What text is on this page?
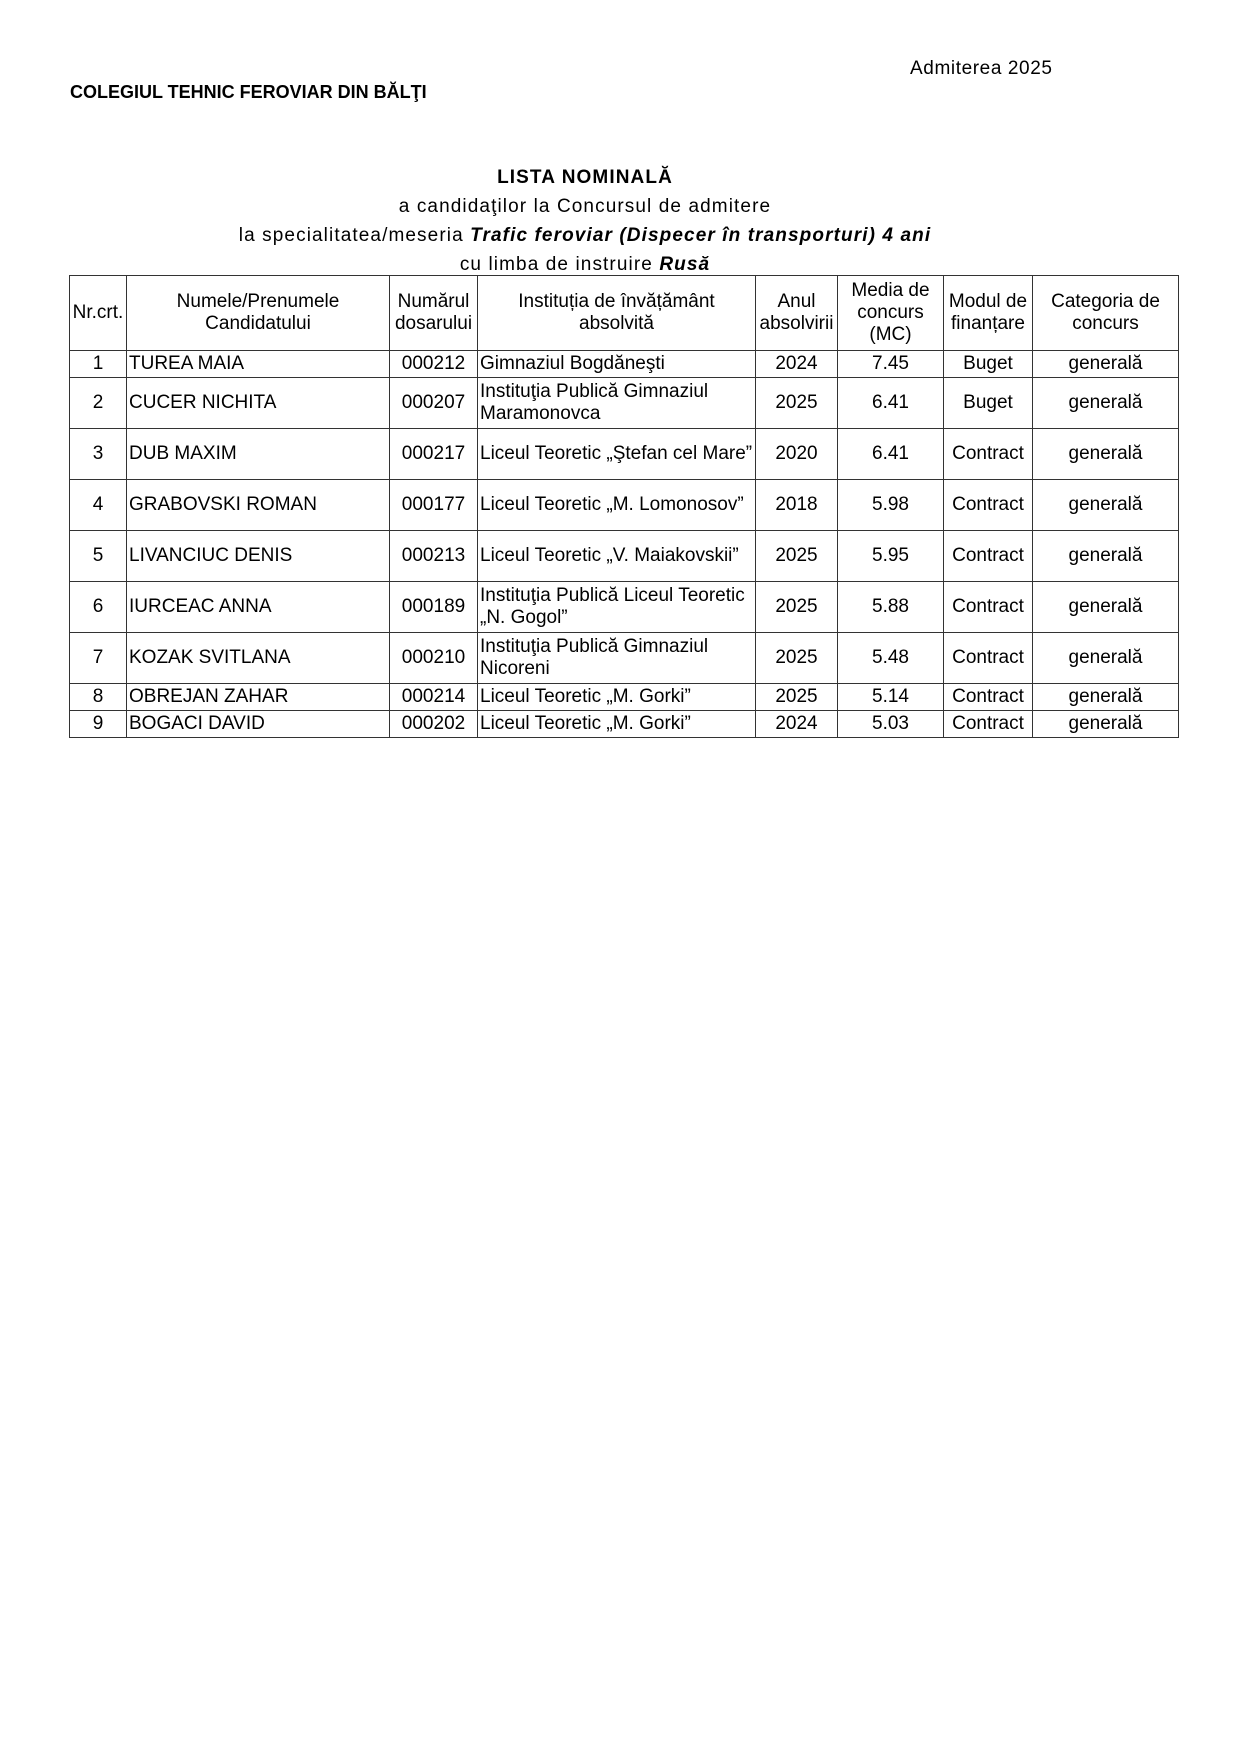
Admiterea 2025
COLEGIUL TEHNIC FEROVIAR DIN BĂLŢI
LISTA NOMINALĂ
a candidaţilor la Concursul de admitere
la specialitatea/meseria Trafic feroviar (Dispecer în transporturi) 4 ani
cu limba de instruire Rusă
Nr.crt.	Numele/Prenumele Candidatului	Numărul dosarului	Instituția de învățământ absolvită	Anul absolvirii	Media de concurs (MC)	Modul de finanțare	Categoria de concurs
1	TUREA MAIA	000212	Gimnaziul Bogdăneşti	2024	7.45	Buget	generală
2	CUCER NICHITA	000207	Instituţia Publică Gimnaziul Maramonovca	2025	6.41	Buget	generală
3	DUB MAXIM	000217	Liceul Teoretic „Ştefan cel Mare”	2020	6.41	Contract	generală
4	GRABOVSKI ROMAN	000177	Liceul Teoretic „M. Lomonosov”	2018	5.98	Contract	generală
5	LIVANCIUC DENIS	000213	Liceul Teoretic „V. Maiakovskii”	2025	5.95	Contract	generală
6	IURCEAC ANNA	000189	Instituţia Publică Liceul Teoretic „N. Gogol”	2025	5.88	Contract	generală
7	KOZAK SVITLANA	000210	Instituţia Publică Gimnaziul Nicoreni	2025	5.48	Contract	generală
8	OBREJAN ZAHAR	000214	Liceul Teoretic „M. Gorki”	2025	5.14	Contract	generală
9	BOGACI DAVID	000202	Liceul Teoretic „M. Gorki”	2024	5.03	Contract	generală
